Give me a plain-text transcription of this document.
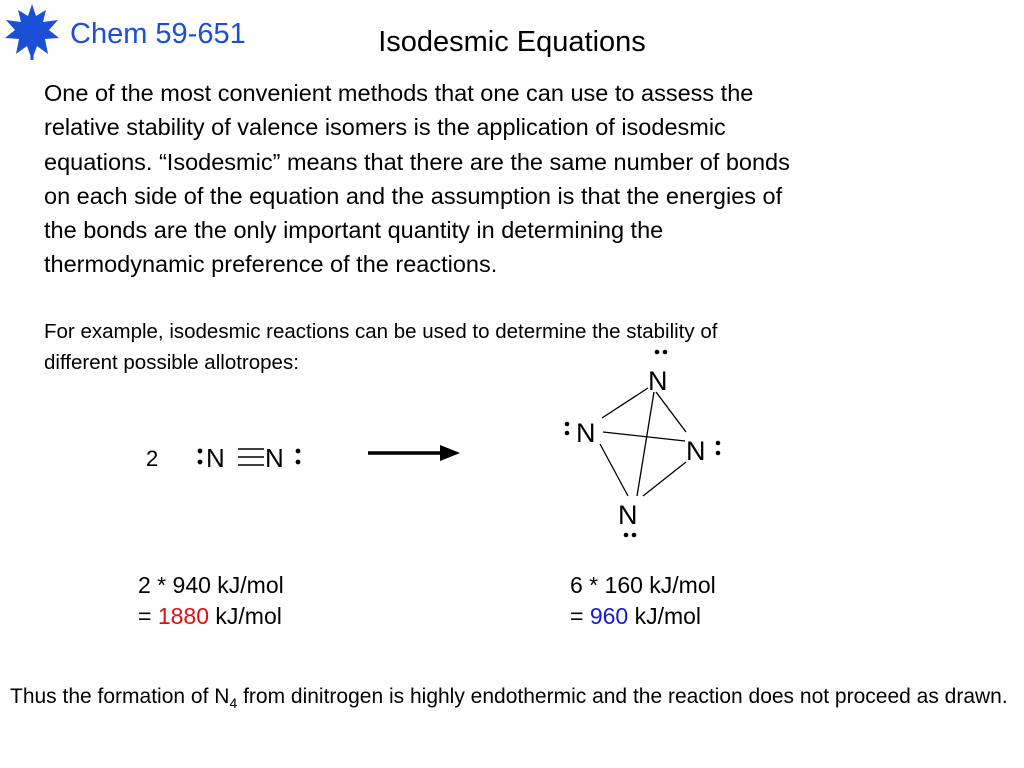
Chem 59-651	Isodesmic Equations
One of the most convenient methods that one can use to assess the
relative stability of valence isomers is the application of isodesmic
equations. “Isodesmic” means that there are the same number of bonds
on each side of the equation and the assumption is that the energies of
the bonds are the only important quantity in determining the
thermodynamic preference of the reactions.
For example, isodesmic reactions can be used to determine the stability of
different possible allotropes:
2 N N
N
N
N
N
2 * 940 kJ/mol
= 1880 kJ/mol
6 * 160 kJ/mol
= 960 kJ/mol
Thus the formation of $N_4$ from dinitrogen is highly endothermic and the reaction does not proceed as drawn.
